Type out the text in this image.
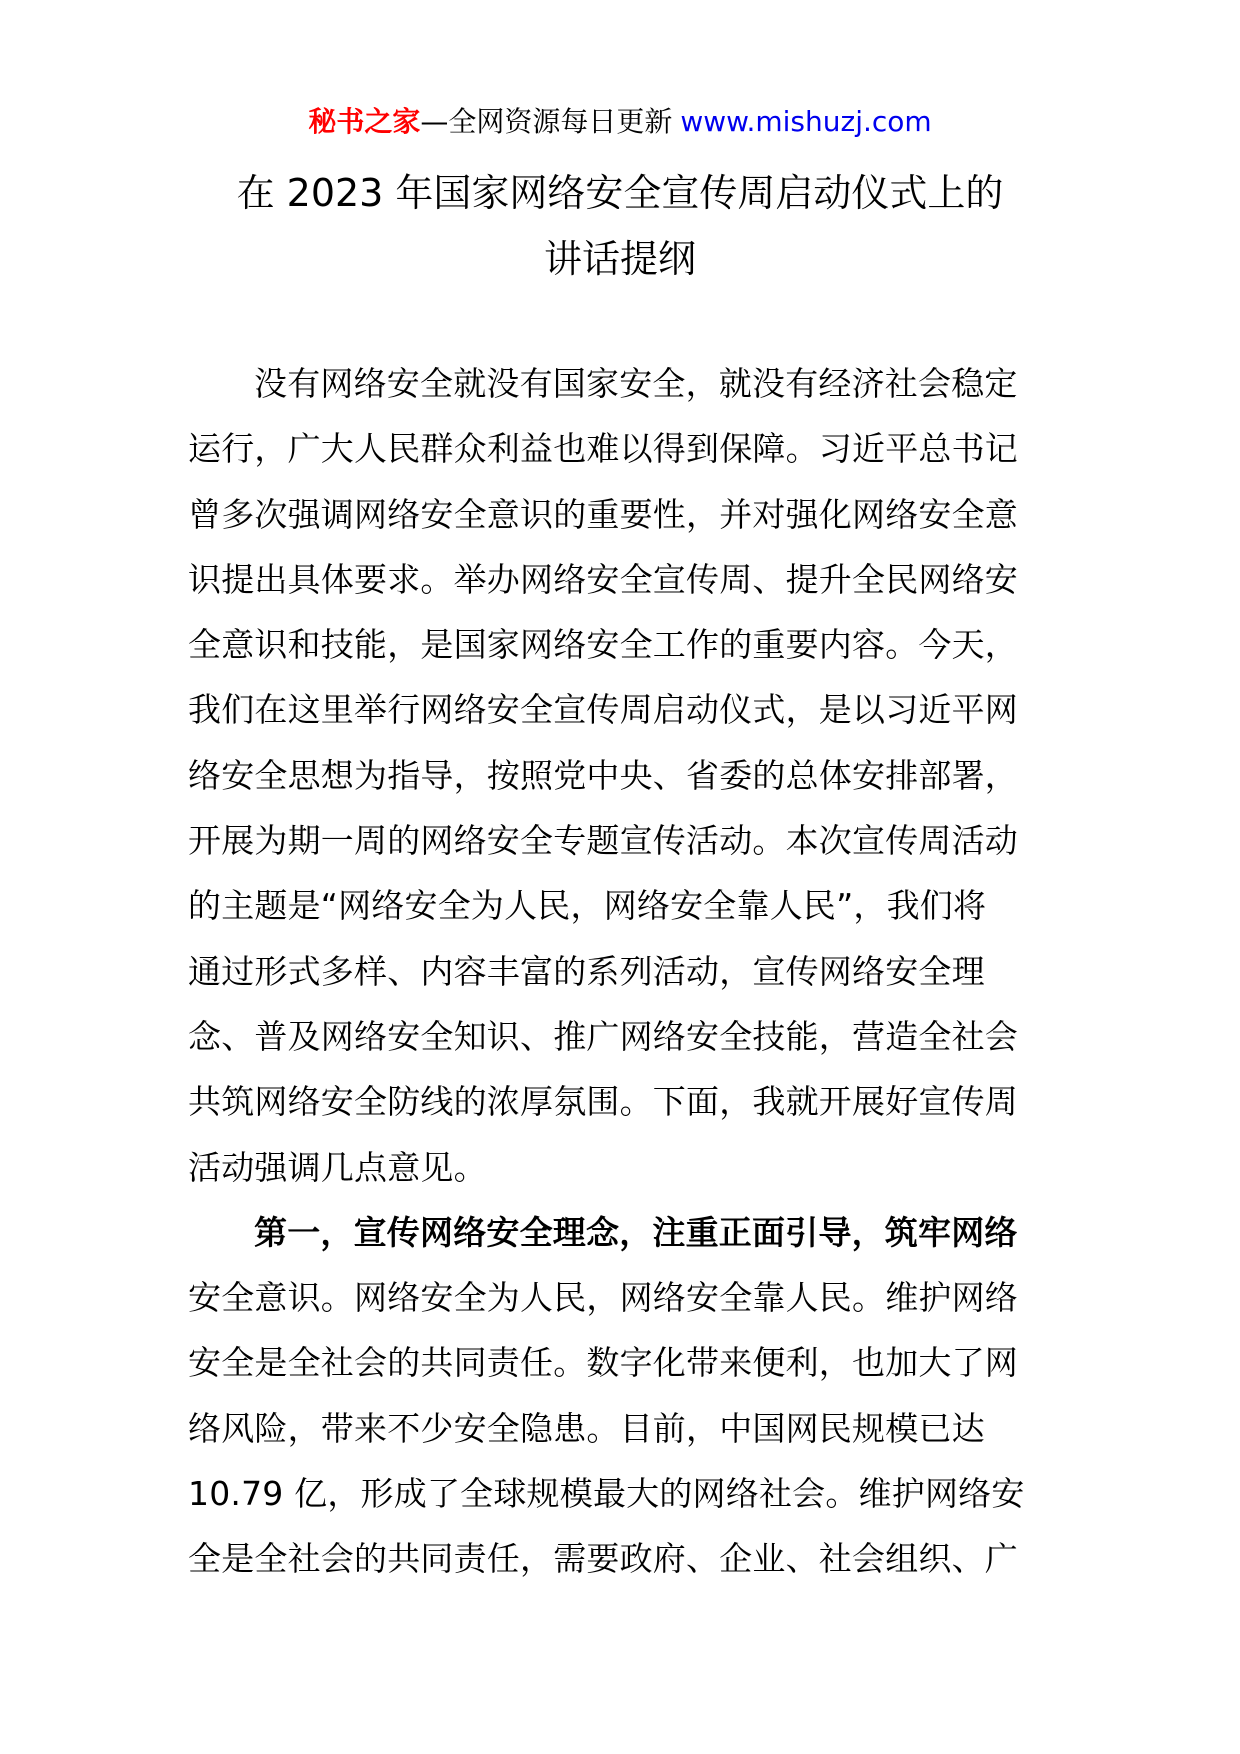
秘书之家—全网资源每日更新 www.mishuzj.com
在 2023 年国家网络安全宣传周启动仪式上的
讲话提纲
没有网络安全就没有国家安全，就没有经济社会稳定
运行，广大人民群众利益也难以得到保障。习近平总书记
曾多次强调网络安全意识的重要性，并对强化网络安全意
识提出具体要求。举办网络安全宣传周、提升全民网络安
全意识和技能，是国家网络安全工作的重要内容。今天，
我们在这里举行网络安全宣传周启动仪式，是以习近平网
络安全思想为指导，按照党中央、省委的总体安排部署，
开展为期一周的网络安全专题宣传活动。本次宣传周活动
的主题是“网络安全为人民，网络安全靠人民”，我们将
通过形式多样、内容丰富的系列活动，宣传网络安全理
念、普及网络安全知识、推广网络安全技能，营造全社会
共筑网络安全防线的浓厚氛围。下面，我就开展好宣传周
活动强调几点意见。
第一，宣传网络安全理念，注重正面引导，筑牢网络
安全意识。网络安全为人民，网络安全靠人民。维护网络
安全是全社会的共同责任。数字化带来便利，也加大了网
络风险，带来不少安全隐患。目前，中国网民规模已达
10.79 亿，形成了全球规模最大的网络社会。维护网络安
全是全社会的共同责任，需要政府、企业、社会组织、广
